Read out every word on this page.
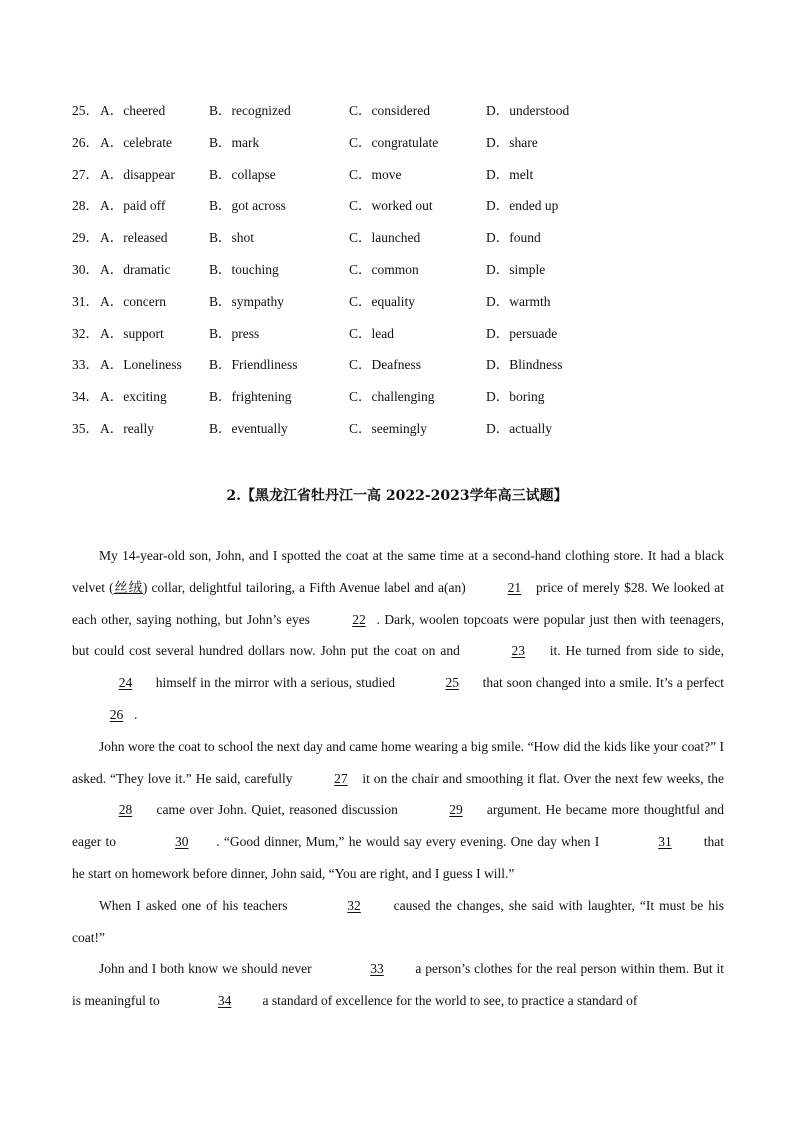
25． A．cheered	B．recognized	C．considered	D．understood
26． A．celebrate	B．mark	C．congratulate	D．share
27． A．disappear	B．collapse	C．move	D．melt
28． A．paid off	B．got across	C．worked out	D．ended up
29． A．released	B．shot	C．launched	D．found
30． A．dramatic	B．touching	C．common	D．simple
31． A．concern	B．sympathy	C．equality	D．warmth
32． A．support	B．press	C．lead	D．persuade
33． A．Loneliness B．Friendliness	C．Deafness	D．Blindness
34． A．exciting	B．frightening	C．challenging	D．boring
35． A．really	B．eventually	C．seemingly	D．actually
2.【黑龙江省牡丹江一高 2022-2023学年高三试题】

My 14-year-old son, John, and I spotted the coat at the same time at a second-hand clothing store. It had a black velvet (丝绒) collar, delightful tailoring, a Fifth Avenue label and a(an)	21 price of merely $28. We looked at each other, saying nothing, but John’s eyes	22 . Dark, woolen topcoats were popular just then with teenagers, but could cost several hundred dollars now. John put the coat on and	23 it. He turned from side to side, 24 himself in the mirror with a serious, studied	25 that soon changed into a smile. It’s a perfect 26 .

John wore the coat to school the next day and came home wearing a big smile. “How did the kids like your coat?” I asked. “They love it.” He said, carefully	27 it on the chair and smoothing it flat. Over the next few weeks, the 28 came over John. Quiet, reasoned discussion	29 argument. He became more thoughtful and eager to	30 . “Good dinner, Mum,” he would say every evening. One day when I	31 that he start on homework before dinner, John said, “You are right, and I guess I will.”

When I asked one of his teachers	32 caused the changes, she said with laughter, “It must be his coat!”

John and I both know we should never	33 a person’s clothes for the real person within them. But it is meaningful to	34 a standard of excellence for the world to see, to practice a standard of
